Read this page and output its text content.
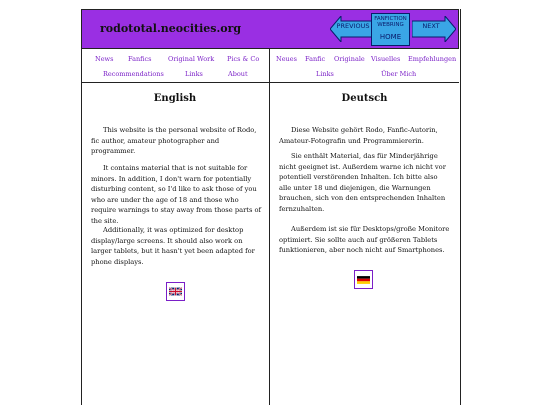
rodototal.neocities.org	PREVIOUS
FANFICTION WEBRING
HOME
NEXT
News Fanfics	Original Work Pics & Co
Recommendations	Links	About
English

This website is the personal website of Rodo, fic author, amateur photographer and programmer.

It contains material that is not suitable for minors. In addition, I don't warn for potentially disturbing content, so I'd like to ask those of you who are under the age of 18 and those who require warnings to stay away from those parts of the site.

Additionally, it was optimized for desktop display/large screens. It should also work on larger tablets, but it hasn't yet been adapted for phone displays.

Neues Fanfic Originale Visuelles Empfehlungen
Links	Über Mich
Deutsch

Diese Website gehört Rodo, Fanfic-Autorin, Amateur-Fotografin und Programmiererin.

Sie enthält Material, das für Minderjährige nicht geeignet ist. Außerdem warne ich nicht vor potentiell verstörenden Inhalten. Ich bitte also alle unter 18 und diejenigen, die Warnungen brauchen, sich von den entsprechenden Inhalten fernzuhalten.

Außerdem ist sie für Desktops/große Monitore optimiert. Sie sollte auch auf größeren Tablets funktionieren, aber noch nicht auf Smartphones.
